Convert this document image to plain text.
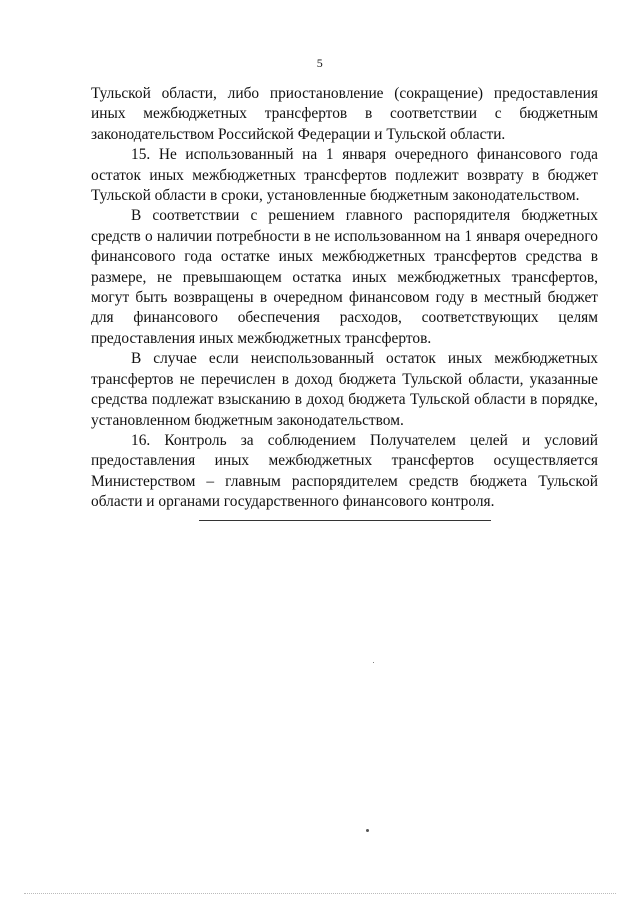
5

Тульской области, либо приостановление (сокращение) предоставления иных межбюджетных трансфертов в соответствии с бюджетным законодательством Российской Федерации и Тульской области.

15. Не использованный на 1 января очередного финансового года остаток иных межбюджетных трансфертов подлежит возврату в бюджет Тульской области в сроки, установленные бюджетным законодательством.

В соответствии с решением главного распорядителя бюджетных средств о наличии потребности в не использованном на 1 января очередного финансового года остатке иных межбюджетных трансфертов средства в размере, не превышающем остатка иных межбюджетных трансфертов, могут быть возвращены в очередном финансовом году в местный бюджет для финансового обеспечения расходов, соответствующих целям предоставления иных межбюджетных трансфертов.

В случае если неиспользованный остаток иных межбюджетных трансфертов не перечислен в доход бюджета Тульской области, указанные средства подлежат взысканию в доход бюджета Тульской области в порядке, установленном бюджетным законодательством.

16. Контроль за соблюдением Получателем целей и условий предоставления иных межбюджетных трансфертов осуществляется Министерством – главным распорядителем средств бюджета Тульской области и органами государственного финансового контроля.
